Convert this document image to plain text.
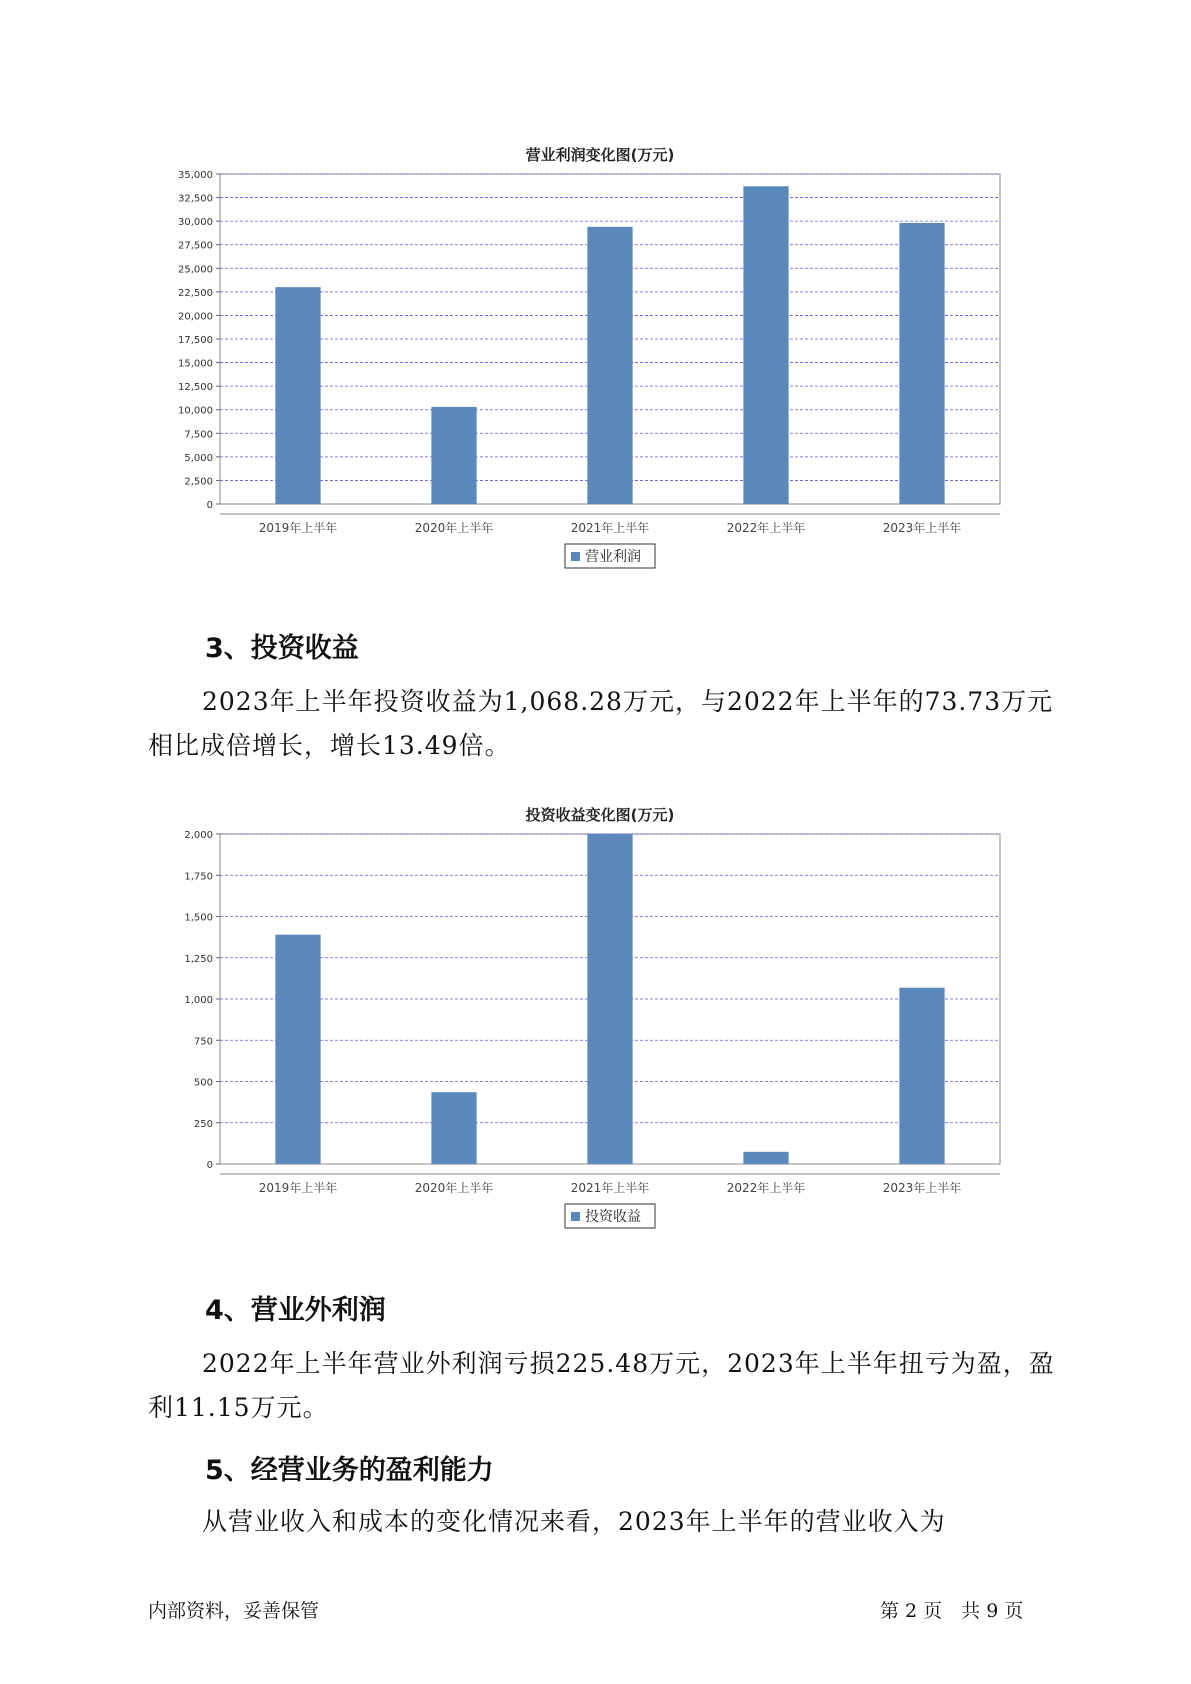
营业利润变化图(万元)
0
2,500
5,000
7,500
10,000
12,500
15,000
17,500
20,000
22,500
25,000
27,500
30,000
32,500
35,000
2019年上半年	2020年上半年	2021年上半年	2022年上半年	2023年上半年
营业利润
3、投资收益

2023年上半年投资收益为1,068.28万元，与2022年上半年的73.73万元相比成倍增长，增长13.49倍。

投资收益变化图(万元)
0
250
500
750
1,000
1,250
1,500
1,750
2,000
2019年上半年	2020年上半年	2021年上半年	2022年上半年	2023年上半年
投资收益
4、营业外利润

2022年上半年营业外利润亏损225.48万元，2023年上半年扭亏为盈，盈利11.15万元。

5、经营业务的盈利能力

从营业收入和成本的变化情况来看，2023年上半年的营业收入为

内部资料，妥善保管	第 2 页　共 9 页
